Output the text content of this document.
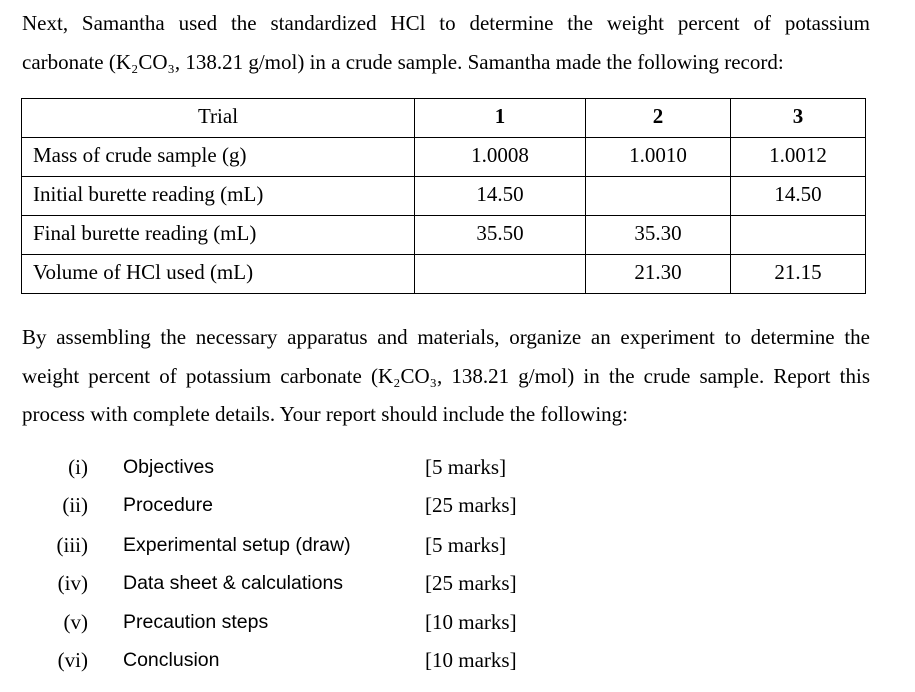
Next, Samantha used the standardized HCl to determine the weight percent of potassium
carbonate (K₂CO₃, 138.21 g/mol) in a crude sample. Samantha made the following record:
Trial	1	2	3
Mass of crude sample (g)	1.0008	1.0010	1.0012
Initial burette reading (mL)	14.50		14.50
Final burette reading (mL)	35.50	35.30	
Volume of HCl used (mL)		21.30	21.15
By assembling the necessary apparatus and materials, organize an experiment to determine the
weight percent of potassium carbonate (K₂CO₃, 138.21 g/mol) in the crude sample. Report this
process with complete details. Your report should include the following:
(i) Objectives	[5 marks]
(ii) Procedure	[25 marks]
(iii) Experimental setup (draw)	[5 marks]
(iv) Data sheet & calculations	[25 marks]
(v) Precaution steps	[10 marks]
(vi) Conclusion	[10 marks]
